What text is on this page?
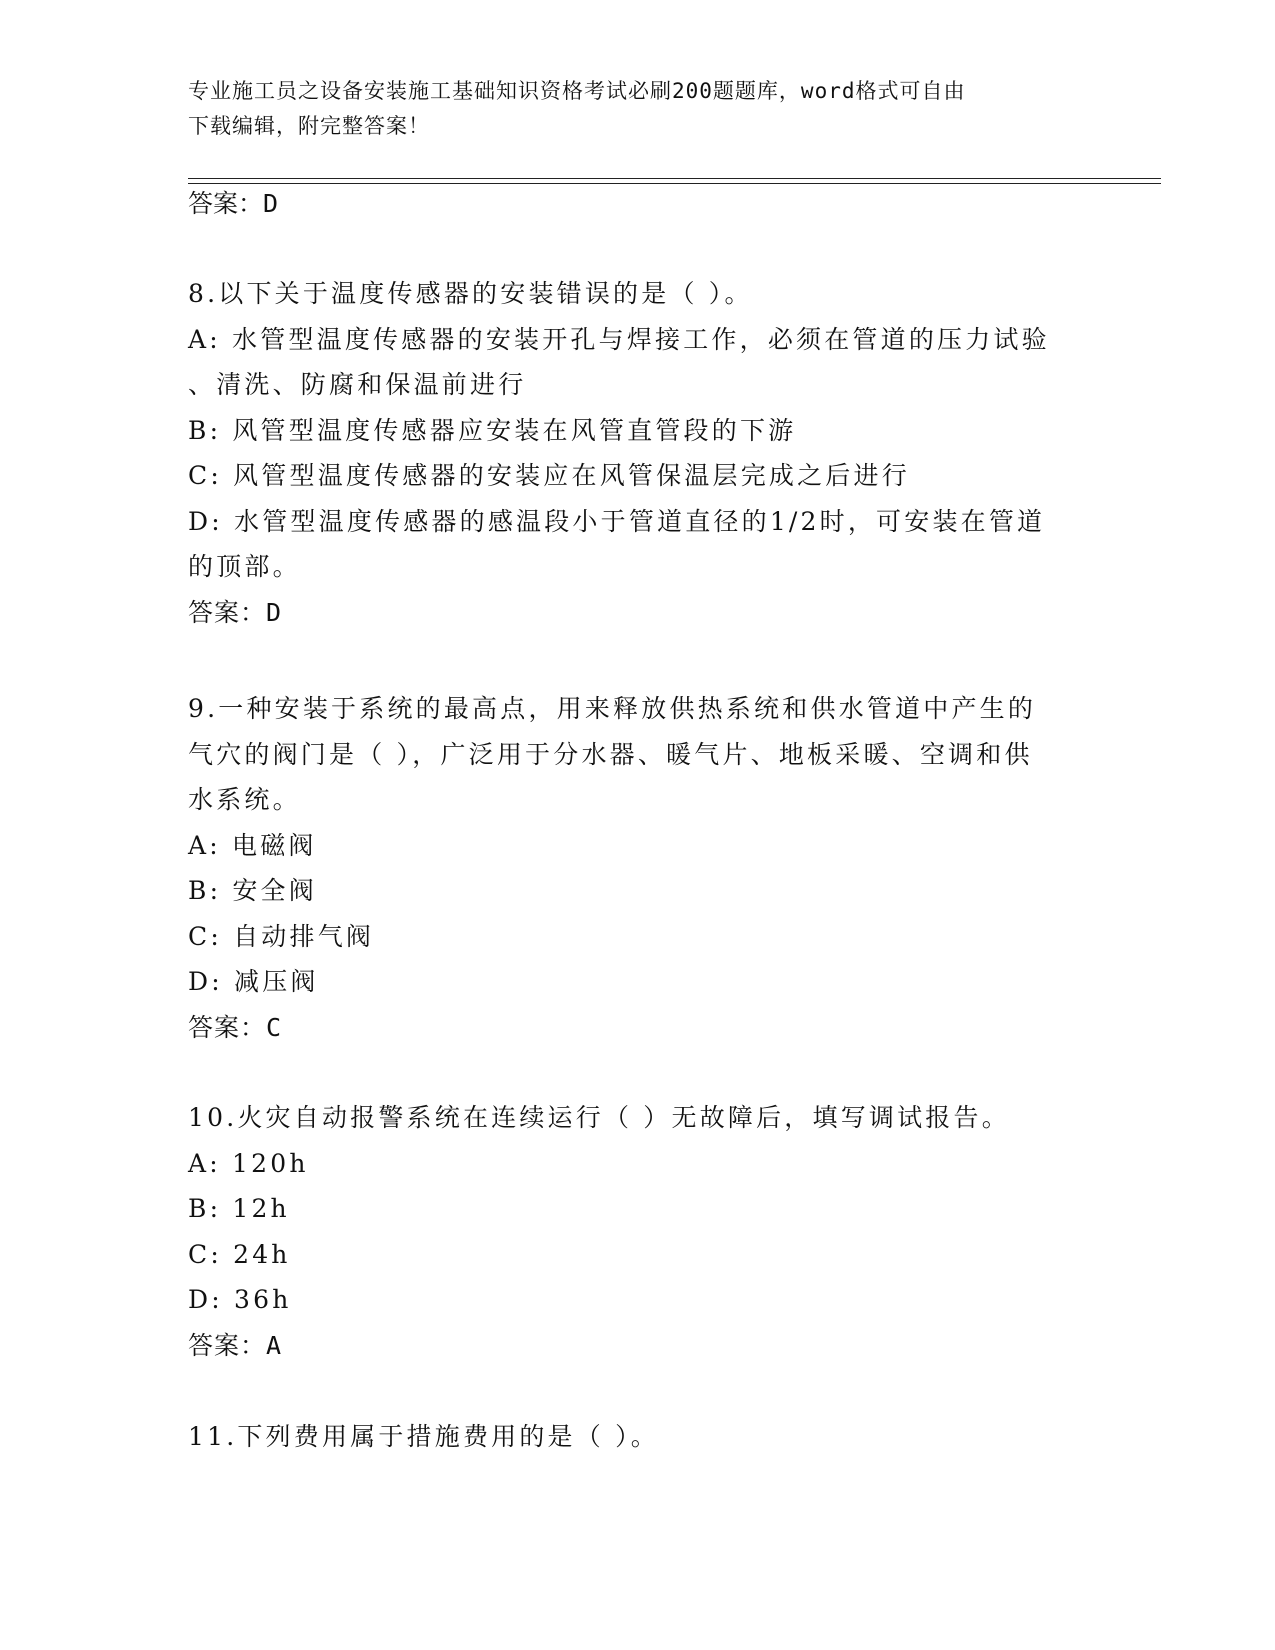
专业施工员之设备安装施工基础知识资格考试必刷200题题库，word格式可自由
下载编辑，附完整答案！
答案：D
8.以下关于温度传感器的安装错误的是（ ）。
A: 水管型温度传感器的安装开孔与焊接工作，必须在管道的压力试验
、清洗、防腐和保温前进行
B: 风管型温度传感器应安装在风管直管段的下游
C: 风管型温度传感器的安装应在风管保温层完成之后进行
D: 水管型温度传感器的感温段小于管道直径的1/2时，可安装在管道
的顶部。
答案：D
9.一种安装于系统的最高点，用来释放供热系统和供水管道中产生的
气穴的阀门是（ ），广泛用于分水器、暖气片、地板采暖、空调和供
水系统。
A: 电磁阀
B: 安全阀
C: 自动排气阀
D: 减压阀
答案：C
10.火灾自动报警系统在连续运行（ ）无故障后，填写调试报告。
A: 120h
B: 12h
C: 24h
D: 36h
答案：A
11.下列费用属于措施费用的是（ ）。
